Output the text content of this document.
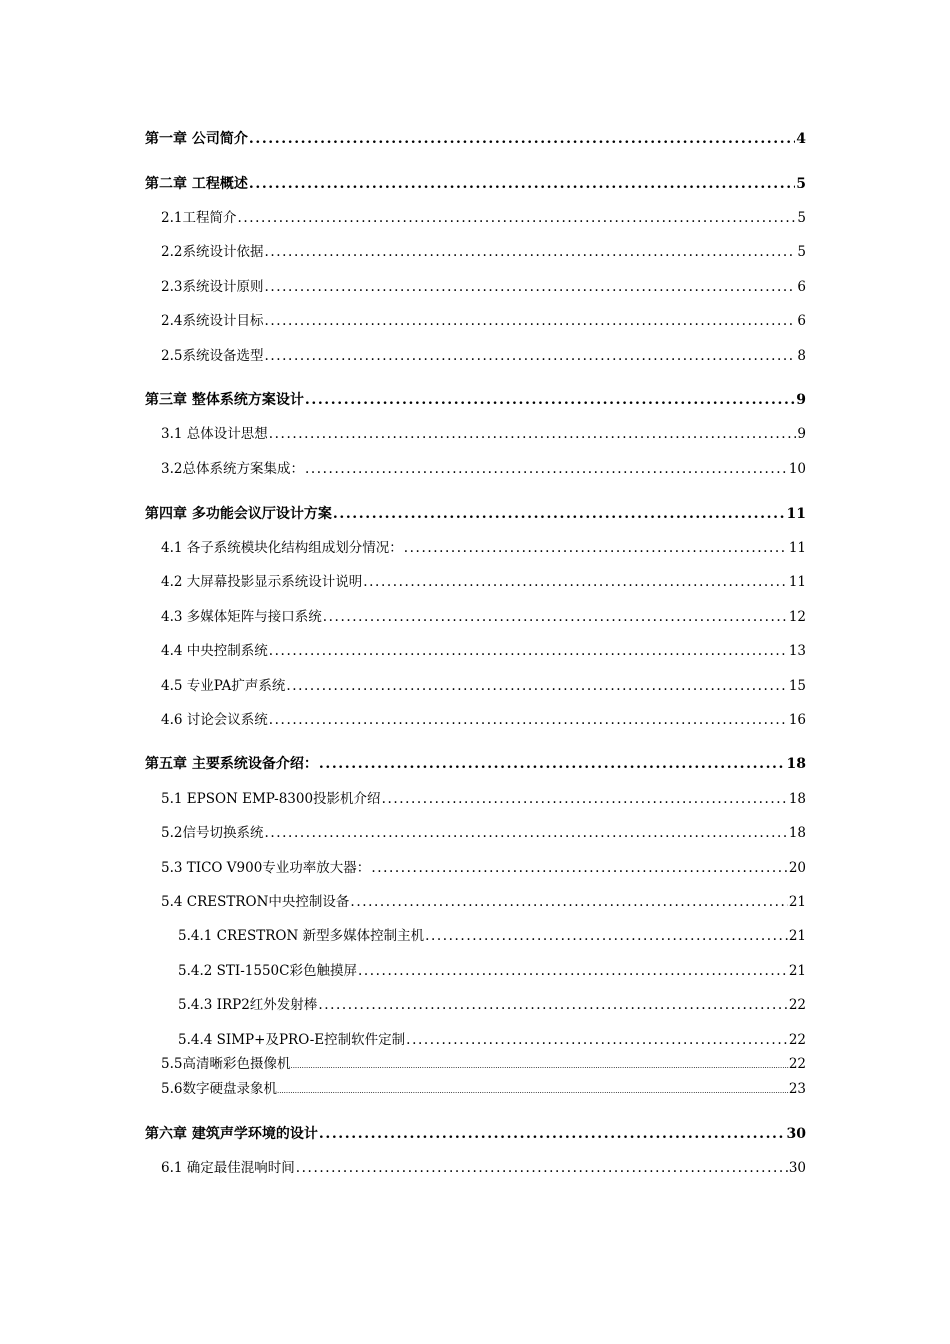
第一章 公司简介 .....	4
第二章 工程概述 .....	5
2.1工程简介 .....	5
2.2系统设计依据 .....	5
2.3系统设计原则 .....	6
2.4系统设计目标 .....	6
2.5系统设备选型 .....	8
第三章 整体系统方案设计 .....	9
3.1 总体设计思想 .....	9
3.2总体系统方案集成： .....	10
第四章 多功能会议厅设计方案 .....	11
4.1 各子系统模块化结构组成划分情况： .....	11
4.2 大屏幕投影显示系统设计说明 .....	11
4.3 多媒体矩阵与接口系统 .....	12
4.4 中央控制系统 .....	13
4.5 专业PA扩声系统 .....	15
4.6 讨论会议系统 .....	16
第五章 主要系统设备介绍： .....	18
5.1 EPSON EMP-8300投影机介绍 .....	18
5.2信号切换系统 .....	18
5.3 TICO V900专业功率放大器： .....	20
5.4 CRESTRON中央控制设备 .....	21
5.4.1 CRESTRON 新型多媒体控制主机 .....	21
5.4.2 STI-1550C彩色触摸屏 .....	21
5.4.3 IRP2红外发射棒 .....	22
5.4.4 SIMP+及PRO-E控制软件定制 .....	22
5.5高清晰彩色摄像机 .....	22
5.6数字硬盘录象机 .....	23
第六章 建筑声学环境的设计 .....	30
6.1 确定最佳混响时间 .....	30
